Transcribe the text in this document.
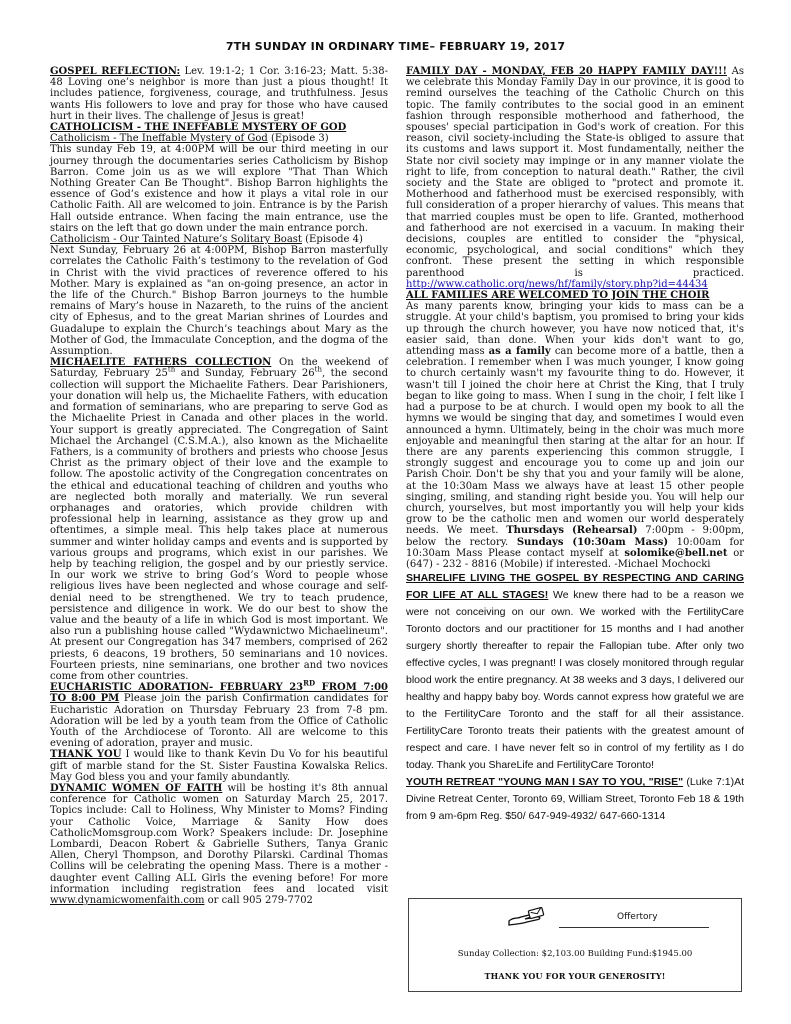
7TH SUNDAY IN ORDINARY TIME– FEBRUARY 19, 2017

GOSPEL REFLECTION: Lev. 19:1-2; 1 Cor. 3:16-23; Matt. 5:38-48 Loving one’s neighbor is more than just a pious thought! It includes patience, forgiveness, courage, and truthfulness. Jesus wants His followers to love and pray for those who have caused hurt in their lives. The challenge of Jesus is great!

CATHOLICISM - THE INEFFABLE MYSTERY OF GOD

Catholicism - The Ineffable Mystery of God (Episode 3)

This sunday Feb 19, at 4:00PM will be our third meeting in our journey through the documentaries series Catholicism by Bishop Barron. Come join us as we will explore "That Than Which Nothing Greater Can Be Thought". Bishop Barron highlights the essence of God’s existence and how it plays a vital role in our Catholic Faith. All are welcomed to join. Entrance is by the Parish Hall outside entrance. When facing the main entrance, use the stairs on the left that go down under the main entrance porch.

Catholicism - Our Tainted Nature’s Solitary Boast (Episode 4)

Next Sunday, February 26 at 4:00PM, Bishop Barron masterfully correlates the Catholic Faith’s testimony to the revelation of God in Christ with the vivid practices of reverence offered to his Mother. Mary is explained as "an on-going presence, an actor in the life of the Church." Bishop Barron journeys to the humble remains of Mary’s house in Nazareth, to the ruins of the ancient city of Ephesus, and to the great Marian shrines of Lourdes and Guadalupe to explain the Church’s teachings about Mary as the Mother of God, the Immaculate Conception, and the dogma of the Assumption.

MICHAELITE FATHERS COLLECTION On the weekend of Saturday, February 25th and Sunday, February 26th, the second collection will support the Michaelite Fathers. Dear Parishioners, your donation will help us, the Michaelite Fathers, with education and formation of seminarians, who are preparing to serve God as the Michaelite Priest in Canada and other places in the world. Your support is greatly appreciated. The Congregation of Saint Michael the Archangel (C.S.M.A.), also known as the Michaelite Fathers, is a community of brothers and priests who choose Jesus Christ as the primary object of their love and the example to follow. The apostolic activity of the Congregation concentrates on the ethical and educational teaching of children and youths who are neglected both morally and materially. We run several orphanages and oratories, which provide children with professional help in learning, assistance as they grow up and oftentimes, a simple meal. This help takes place at numerous summer and winter holiday camps and events and is supported by various groups and programs, which exist in our parishes. We help by teaching religion, the gospel and by our priestly service. In our work we strive to bring God’s Word to people whose religious lives have been neglected and whose courage and self-denial need to be strengthened. We try to teach prudence, persistence and diligence in work. We do our best to show the value and the beauty of a life in which God is most important. We also run a publishing house called "Wydawnictwo Michaelineum". At present our Congregation has 347 members, comprised of 262 priests, 6 deacons, 19 brothers, 50 seminarians and 10 novices. Fourteen priests, nine seminarians, one brother and two novices come from other countries.

EUCHARISTIC ADORATION- FEBRUARY 23RD FROM 7:00 TO 8:00 PM Please join the parish Confirmation candidates for Eucharistic Adoration on Thursday February 23 from 7-8 pm. Adoration will be led by a youth team from the Office of Catholic Youth of the Archdiocese of Toronto. All are welcome to this evening of adoration, prayer and music.

THANK YOU I would like to thank Kevin Du Vo for his beautiful gift of marble stand for the St. Sister Faustina Kowalska Relics. May God bless you and your family abundantly.

DYNAMIC WOMEN OF FAITH will be hosting it's 8th annual conference for Catholic women on Saturday March 25, 2017. Topics include: Call to Holiness, Why Minister to Moms? Finding your Catholic Voice, Marriage & Sanity How does CatholicMomsgroup.com Work? Speakers include: Dr. Josephine Lombardi, Deacon Robert & Gabrielle Suthers, Tanya Granic Allen, Cheryl Thompson, and Dorothy Pilarski. Cardinal Thomas Collins will be celebrating the opening Mass. There is a mother - daughter event Calling ALL Girls the evening before! For more information including registration fees and located visit www.dynamicwomenfaith.com or call 905 279-7702

FAMILY DAY - MONDAY, FEB 20 HAPPY FAMILY DAY!!! As we celebrate this Monday Family Day in our province, it is good to remind ourselves the teaching of the Catholic Church on this topic. The family contributes to the social good in an eminent fashion through responsible motherhood and fatherhood, the spouses' special participation in God's work of creation. For this reason, civil society-including the State-is obliged to assure that its customs and laws support it. Most fundamentally, neither the State nor civil society may impinge or in any manner violate the right to life, from conception to natural death." Rather, the civil society and the State are obliged to "protect and promote it. Motherhood and fatherhood must be exercised responsibly, with full consideration of a proper hierarchy of values. This means that that married couples must be open to life. Granted, motherhood and fatherhood are not exercised in a vacuum. In making their decisions, couples are entitled to consider the "physical, economic, psychological, and social conditions" which they confront. These present the setting in which responsible parenthood is practiced. http://www.catholic.org/news/hf/family/story.php?id=44434

ALL FAMILIES ARE WELCOMED TO JOIN THE CHOIR

As many parents know, bringing your kids to mass can be a struggle. At your child's baptism, you promised to bring your kids up through the church however, you have now noticed that, it's easier said, than done. When your kids don't want to go, attending mass as a family can become more of a battle, then a celebration. I remember when I was much younger, I know going to church certainly wasn't my favourite thing to do. However, it wasn't till I joined the choir here at Christ the King, that I truly began to like going to mass. When I sung in the choir, I felt like I had a purpose to be at church. I would open my book to all the hymns we would be singing that day, and sometimes I would even announced a hymn. Ultimately, being in the choir was much more enjoyable and meaningful then staring at the altar for an hour. If there are any parents experiencing this common struggle, I strongly suggest and encourage you to come up and join our Parish Choir. Don't be shy that you and your family will be alone, at the 10:30am Mass we always have at least 15 other people singing, smiling, and standing right beside you. You will help our church, yourselves, but most importantly you will help your kids grow to be the catholic men and women our world desperately needs. We meet. Thursdays (Rehearsal) 7:00pm - 9:00pm, below the rectory. Sundays (10:30am Mass) 10:00am for 10:30am Mass Please contact myself at solomike@bell.net or (647) - 232 - 8816 (Mobile) if interested. -Michael Mochocki

SHARELIFE LIVING THE GOSPEL BY RESPECTING AND CARING FOR LIFE AT ALL STAGES! We knew there had to be a reason we were not conceiving on our own. We worked with the FertilityCare Toronto doctors and our practitioner for 15 months and I had another surgery shortly thereafter to repair the Fallopian tube. After only two effective cycles, I was pregnant! I was closely monitored through regular blood work the entire pregnancy. At 38 weeks and 3 days, I delivered our healthy and happy baby boy. Words cannot express how grateful we are to the FertilityCare Toronto and the staff for all their assistance. FertilityCare Toronto treats their patients with the greatest amount of respect and care. I have never felt so in control of my fertility as I do today. Thank you ShareLife and FertilityCare Toronto!

YOUTH RETREAT "YOUNG MAN I SAY TO YOU, "RISE" (Luke 7:1)At Divine Retreat Center, Toronto 69, William Street, Toronto Feb 18 & 19th from 9 am-6pm Reg. $50/ 647-949-4932/ 647-660-1314

Offertory
Sunday Collection: $2,103.00 Building Fund:$1945.00
THANK YOU FOR YOUR GENEROSITY!
